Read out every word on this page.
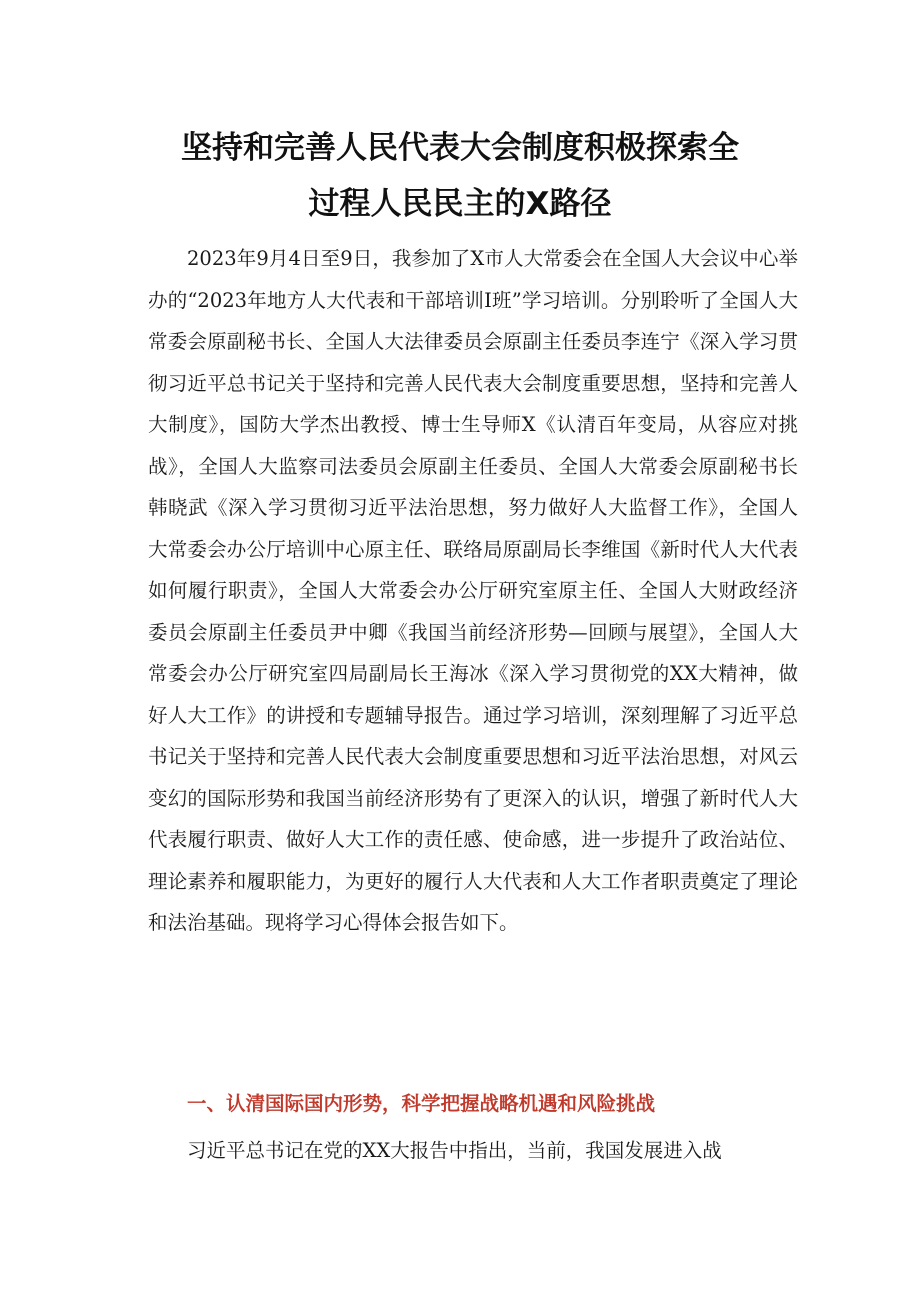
坚持和完善人民代表大会制度积极探索全
过程人民民主的X路径

2023年9月4日至9日，我参加了X市人大常委会在全国人大会议中心举办的“2023年地方人大代表和干部培训Ⅰ班”学习培训。分别聆听了全国人大常委会原副秘书长、全国人大法律委员会原副主任委员李连宁《深入学习贯彻习近平总书记关于坚持和完善人民代表大会制度重要思想，坚持和完善人大制度》，国防大学杰出教授、博士生导师X《认清百年变局，从容应对挑战》，全国人大监察司法委员会原副主任委员、全国人大常委会原副秘书长韩晓武《深入学习贯彻习近平法治思想，努力做好人大监督工作》，全国人大常委会办公厅培训中心原主任、联络局原副局长李维国《新时代人大代表如何履行职责》，全国人大常委会办公厅研究室原主任、全国人大财政经济委员会原副主任委员尹中卿《我国当前经济形势—回顾与展望》，全国人大常委会办公厅研究室四局副局长王海冰《深入学习贯彻党的XX大精神，做好人大工作》的讲授和专题辅导报告。通过学习培训，深刻理解了习近平总书记关于坚持和完善人民代表大会制度重要思想和习近平法治思想，对风云变幻的国际形势和我国当前经济形势有了更深入的认识，增强了新时代人大代表履行职责、做好人大工作的责任感、使命感，进一步提升了政治站位、理论素养和履职能力，为更好的履行人大代表和人大工作者职责奠定了理论和法治基础。现将学习心得体会报告如下。

一、认清国际国内形势，科学把握战略机遇和风险挑战

习近平总书记在党的XX大报告中指出，当前，我国发展进入战
